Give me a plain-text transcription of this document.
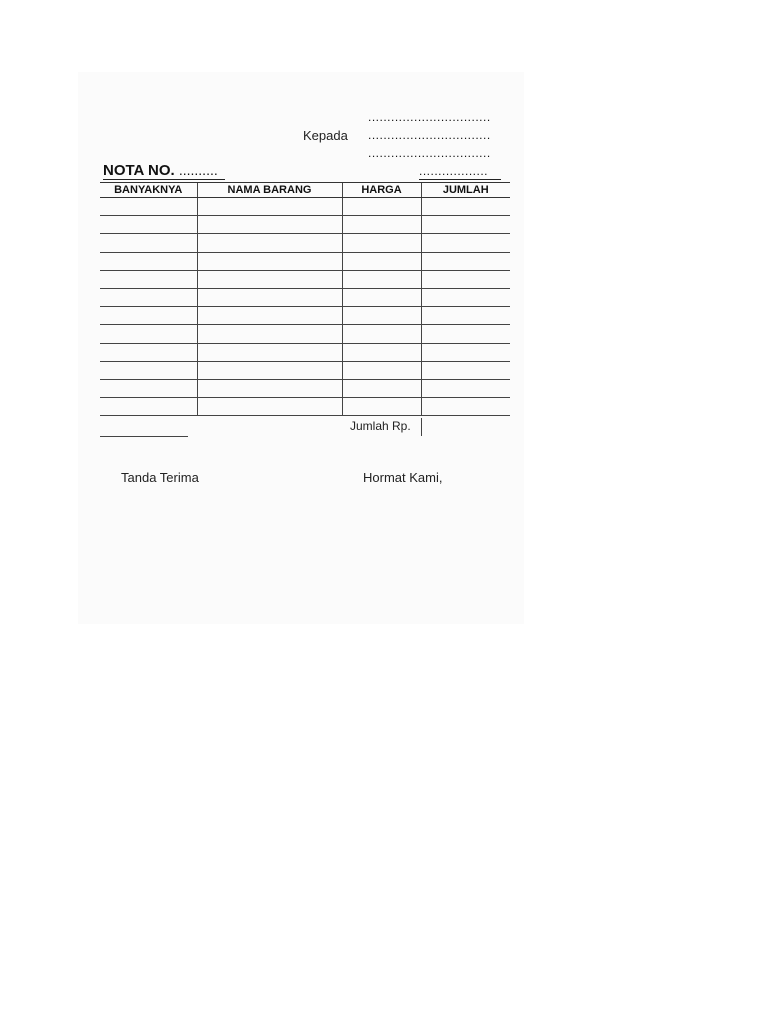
................................
Kepada ................................
................................
NOTA NO. ..........	..................
BANYAKNYA	NAMA BARANG	HARGA	JUMLAH

Jumlah Rp.
Tanda Terima	Hormat Kami,
